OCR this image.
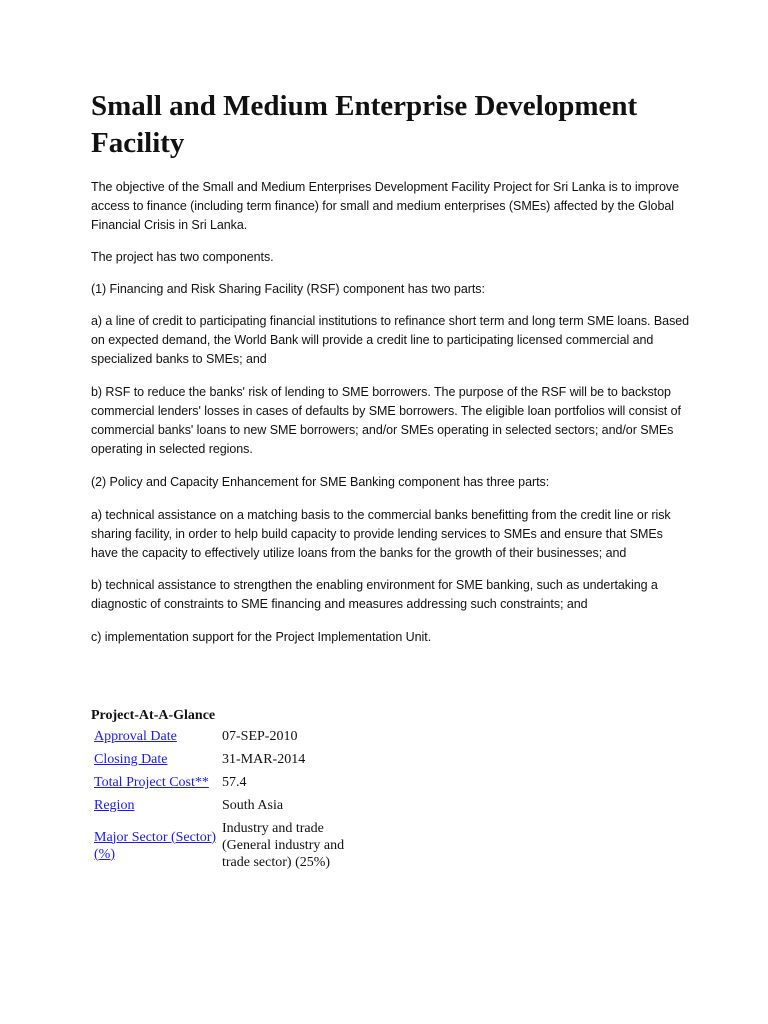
Small and Medium Enterprise Development Facility

The objective of the Small and Medium Enterprises Development Facility Project for Sri Lanka is to improve access to finance (including term finance) for small and medium enterprises (SMEs) affected by the Global Financial Crisis in Sri Lanka.

The project has two components.

(1) Financing and Risk Sharing Facility (RSF) component has two parts:

a) a line of credit to participating financial institutions to refinance short term and long term SME loans. Based on expected demand, the World Bank will provide a credit line to participating licensed commercial and specialized banks to SMEs; and

b) RSF to reduce the banks' risk of lending to SME borrowers. The purpose of the RSF will be to backstop commercial lenders' losses in cases of defaults by SME borrowers. The eligible loan portfolios will consist of commercial banks' loans to new SME borrowers; and/or SMEs operating in selected sectors; and/or SMEs operating in selected regions.

(2) Policy and Capacity Enhancement for SME Banking component has three parts:

a) technical assistance on a matching basis to the commercial banks benefitting from the credit line or risk sharing facility, in order to help build capacity to provide lending services to SMEs and ensure that SMEs have the capacity to effectively utilize loans from the banks for the growth of their businesses; and

b) technical assistance to strengthen the enabling environment for SME banking, such as undertaking a diagnostic of constraints to SME financing and measures addressing such constraints; and

c) implementation support for the Project Implementation Unit.

Project-At-A-Glance
Approval Date	07-SEP-2010
Closing Date	31-MAR-2014
Total Project Cost**	57.4
Region	South Asia
Major Sector (Sector) (%)	Industry and trade (General industry and trade sector) (25%)
